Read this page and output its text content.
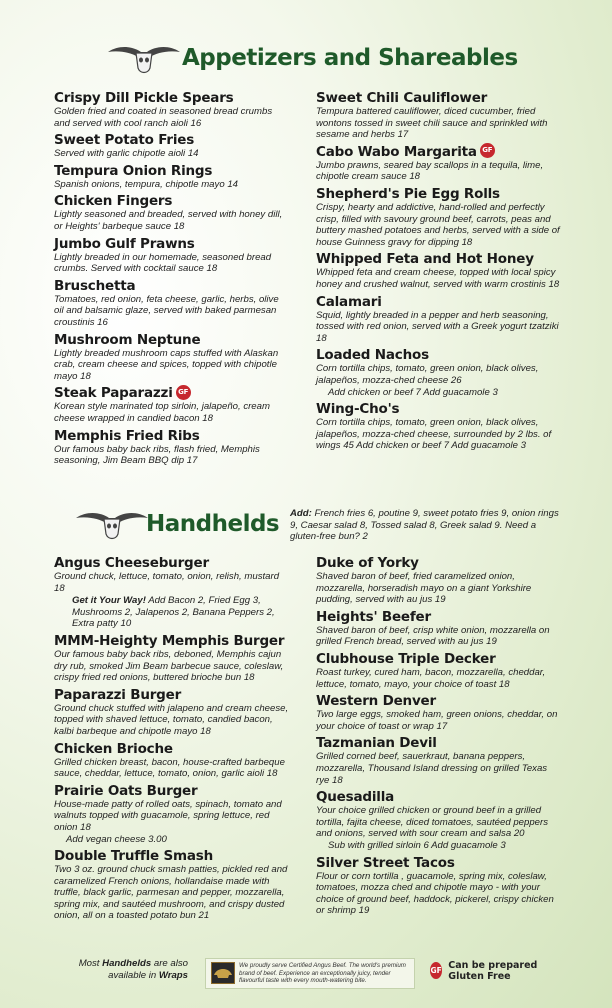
Appetizers and Shareables
Crispy Dill Pickle Spears
Golden fried and coated in seasoned bread crumbs and served with cool ranch aioli 16
Sweet Potato Fries
Served with garlic chipotle aioli 14
Tempura Onion Rings
Spanish onions, tempura, chipotle mayo 14
Chicken Fingers
Lightly seasoned and breaded, served with honey dill, or Heights' barbeque sauce 18
Jumbo Gulf Prawns
Lightly breaded in our homemade, seasoned bread crumbs. Served with cocktail sauce 18
Bruschetta
Tomatoes, red onion, feta cheese, garlic, herbs, olive oil and balsamic glaze, served with baked parmesan croustinis 16
Mushroom Neptune
Lightly breaded mushroom caps stuffed with Alaskan crab, cream cheese and spices, topped with chipotle mayo 18
Steak Paparazzi GF
Korean style marinated top sirloin, jalapeño, cream cheese wrapped in candied bacon 18
Memphis Fried Ribs
Our famous baby back ribs, flash fried, Memphis seasoning, Jim Beam BBQ dip 17
Sweet Chili Cauliflower
Tempura battered cauliflower, diced cucumber, fried wontons tossed in sweet chili sauce and sprinkled with sesame and herbs 17
Cabo Wabo Margarita GF
Jumbo prawns, seared bay scallops in a tequila, lime, chipotle cream sauce 18
Shepherd's Pie Egg Rolls
Crispy, hearty and addictive, hand-rolled and perfectly crisp, filled with savoury ground beef, carrots, peas and buttery mashed potatoes and herbs, served with a side of house Guinness gravy for dipping 18
Whipped Feta and Hot Honey
Whipped feta and cream cheese, topped with local spicy honey and crushed walnut, served with warm crostinis 18
Calamari
Squid, lightly breaded in a pepper and herb seasoning, tossed with red onion, served with a Greek yogurt tzatziki 18
Loaded Nachos
Corn tortilla chips, tomato, green onion, black olives, jalapeños, mozza-ched cheese 26
Add chicken or beef 7 Add guacamole 3
Wing-Cho's
Corn tortilla chips, tomato, green onion, black olives, jalapeños, mozza-ched cheese, surrounded by 2 lbs. of wings 45 Add chicken or beef 7 Add guacamole 3
Handhelds Add: French fries 6, poutine 9, sweet potato fries 9, onion rings 9, Caesar salad 8, Tossed salad 8, Greek salad 9. Need a gluten-free bun? 2
Angus Cheeseburger
Ground chuck, lettuce, tomato, onion, relish, mustard 18
Get it Your Way! Add Bacon 2, Fried Egg 3, Mushrooms 2, Jalapenos 2, Banana Peppers 2, Extra patty 10
MMM-Heighty Memphis Burger
Our famous baby back ribs, deboned, Memphis cajun dry rub, smoked Jim Beam barbecue sauce, coleslaw, crispy fried red onions, buttered brioche bun 18
Paparazzi Burger
Ground chuck stuffed with jalapeno and cream cheese, topped with shaved lettuce, tomato, candied bacon, kalbi barbeque and chipotle mayo 18
Chicken Brioche
Grilled chicken breast, bacon, house-crafted barbeque sauce, cheddar, lettuce, tomato, onion, garlic aioli 18
Prairie Oats Burger
House-made patty of rolled oats, spinach, tomato and walnuts topped with guacamole, spring lettuce, red onion 18
Add vegan cheese 3.00
Double Truffle Smash
Two 3 oz. ground chuck smash patties, pickled red and caramelized French onions, hollandaise made with truffle, black garlic, parmesan and pepper, mozzarella, spring mix, and sautéed mushroom, and crispy dusted onion, all on a toasted potato bun 21
Duke of Yorky
Shaved baron of beef, fried caramelized onion, mozzarella, horseradish mayo on a giant Yorkshire pudding, served with au jus 19
Heights' Beefer
Shaved baron of beef, crisp white onion, mozzarella on grilled French bread, served with au jus 19
Clubhouse Triple Decker
Roast turkey, cured ham, bacon, mozzarella, cheddar, lettuce, tomato, mayo, your choice of toast 18
Western Denver
Two large eggs, smoked ham, green onions, cheddar, on your choice of toast or wrap 17
Tazmanian Devil
Grilled corned beef, sauerkraut, banana peppers, mozzarella, Thousand Island dressing on grilled Texas rye 18
Quesadilla
Your choice grilled chicken or ground beef in a grilled tortilla, fajita cheese, diced tomatoes, sautéed peppers and onions, served with sour cream and salsa 20
Sub with grilled sirloin 6 Add guacamole 3
Silver Street Tacos
Flour or corn tortilla , guacamole, spring mix, coleslaw, tomatoes, mozza ched and chipotle mayo - with your choice of ground beef, haddock, pickerel, crispy chicken or shrimp 19
Most Handhelds are also available in Wraps
We proudly serve Certified Angus Beef. The world's premium brand of beef. Experience an exceptionally juicy, tender flavourful taste with every mouth-watering bite.
GF Can be prepared Gluten Free
